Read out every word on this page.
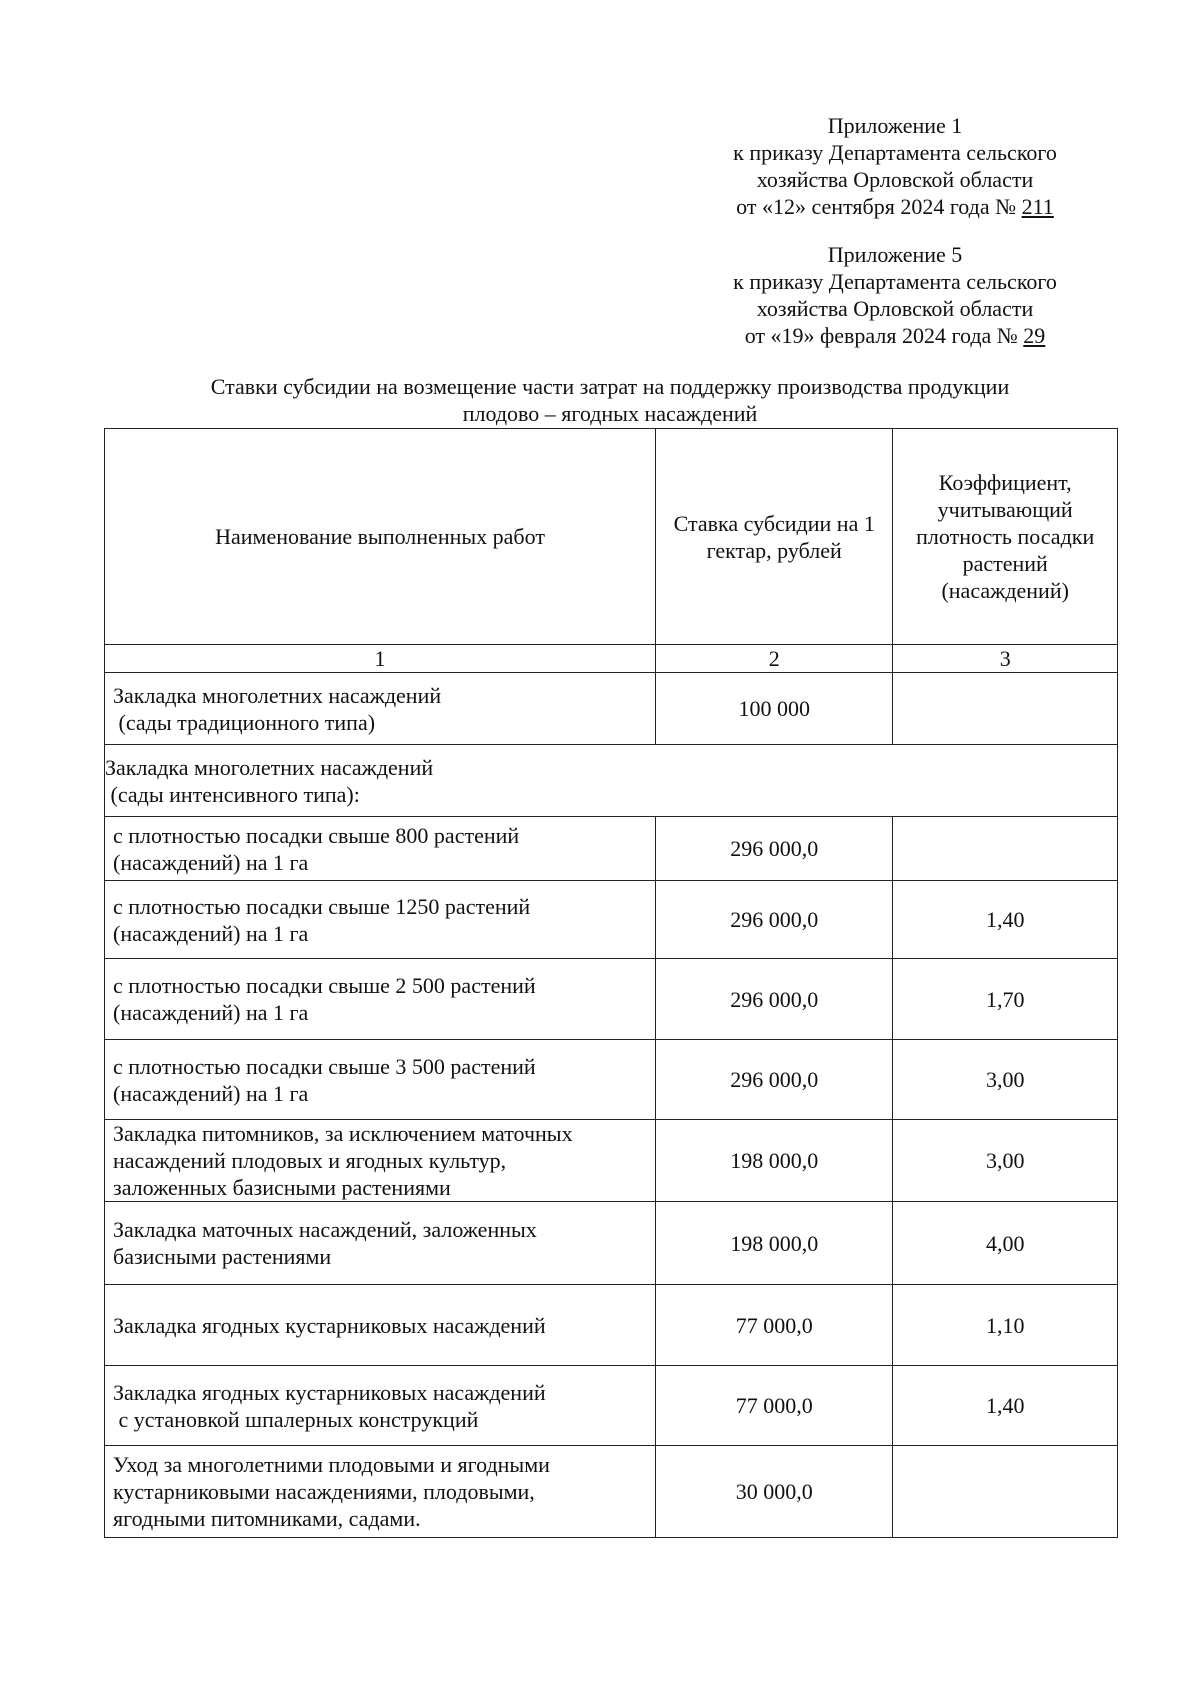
Приложение 1
к приказу Департамента сельского
хозяйства Орловской области
от «12» сентября 2024 года № 211
Приложение 5
к приказу Департамента сельского
хозяйства Орловской области
от «19» февраля 2024 года № 29
Ставки субсидии на возмещение части затрат на поддержку производства продукции
плодово – ягодных насаждений
Наименование выполненных работ	Ставка субсидии на 1 гектар, рублей	Коэффициент, учитывающий плотность посадки растений (насаждений)
1	2	3

Закладка многолетних насаждений
(сады традиционного типа)	100 000	

Закладка многолетних насаждений
(сады интенсивного типа):		

с плотностью посадки свыше 800 растений
(насаждений) на 1 га	296 000,0	

с плотностью посадки свыше 1250 растений
(насаждений) на 1 га	296 000,0	1,40

с плотностью посадки свыше 2 500 растений
(насаждений) на 1 га	296 000,0	1,70

с плотностью посадки свыше 3 500 растений
(насаждений) на 1 га	296 000,0	3,00

Закладка питомников, за исключением маточных
насаждений плодовых и ягодных культур,
заложенных базисными растениями	198 000,0	3,00

Закладка маточных насаждений, заложенных
базисными растениями	198 000,0	4,00

Закладка ягодных кустарниковых насаждений	77 000,0	1,10

Закладка ягодных кустарниковых насаждений
с установкой шпалерных конструкций	77 000,0	1,40

Уход за многолетними плодовыми и ягодными
кустарниковыми насаждениями, плодовыми,
ягодными питомниками, садами.	30 000,0	
